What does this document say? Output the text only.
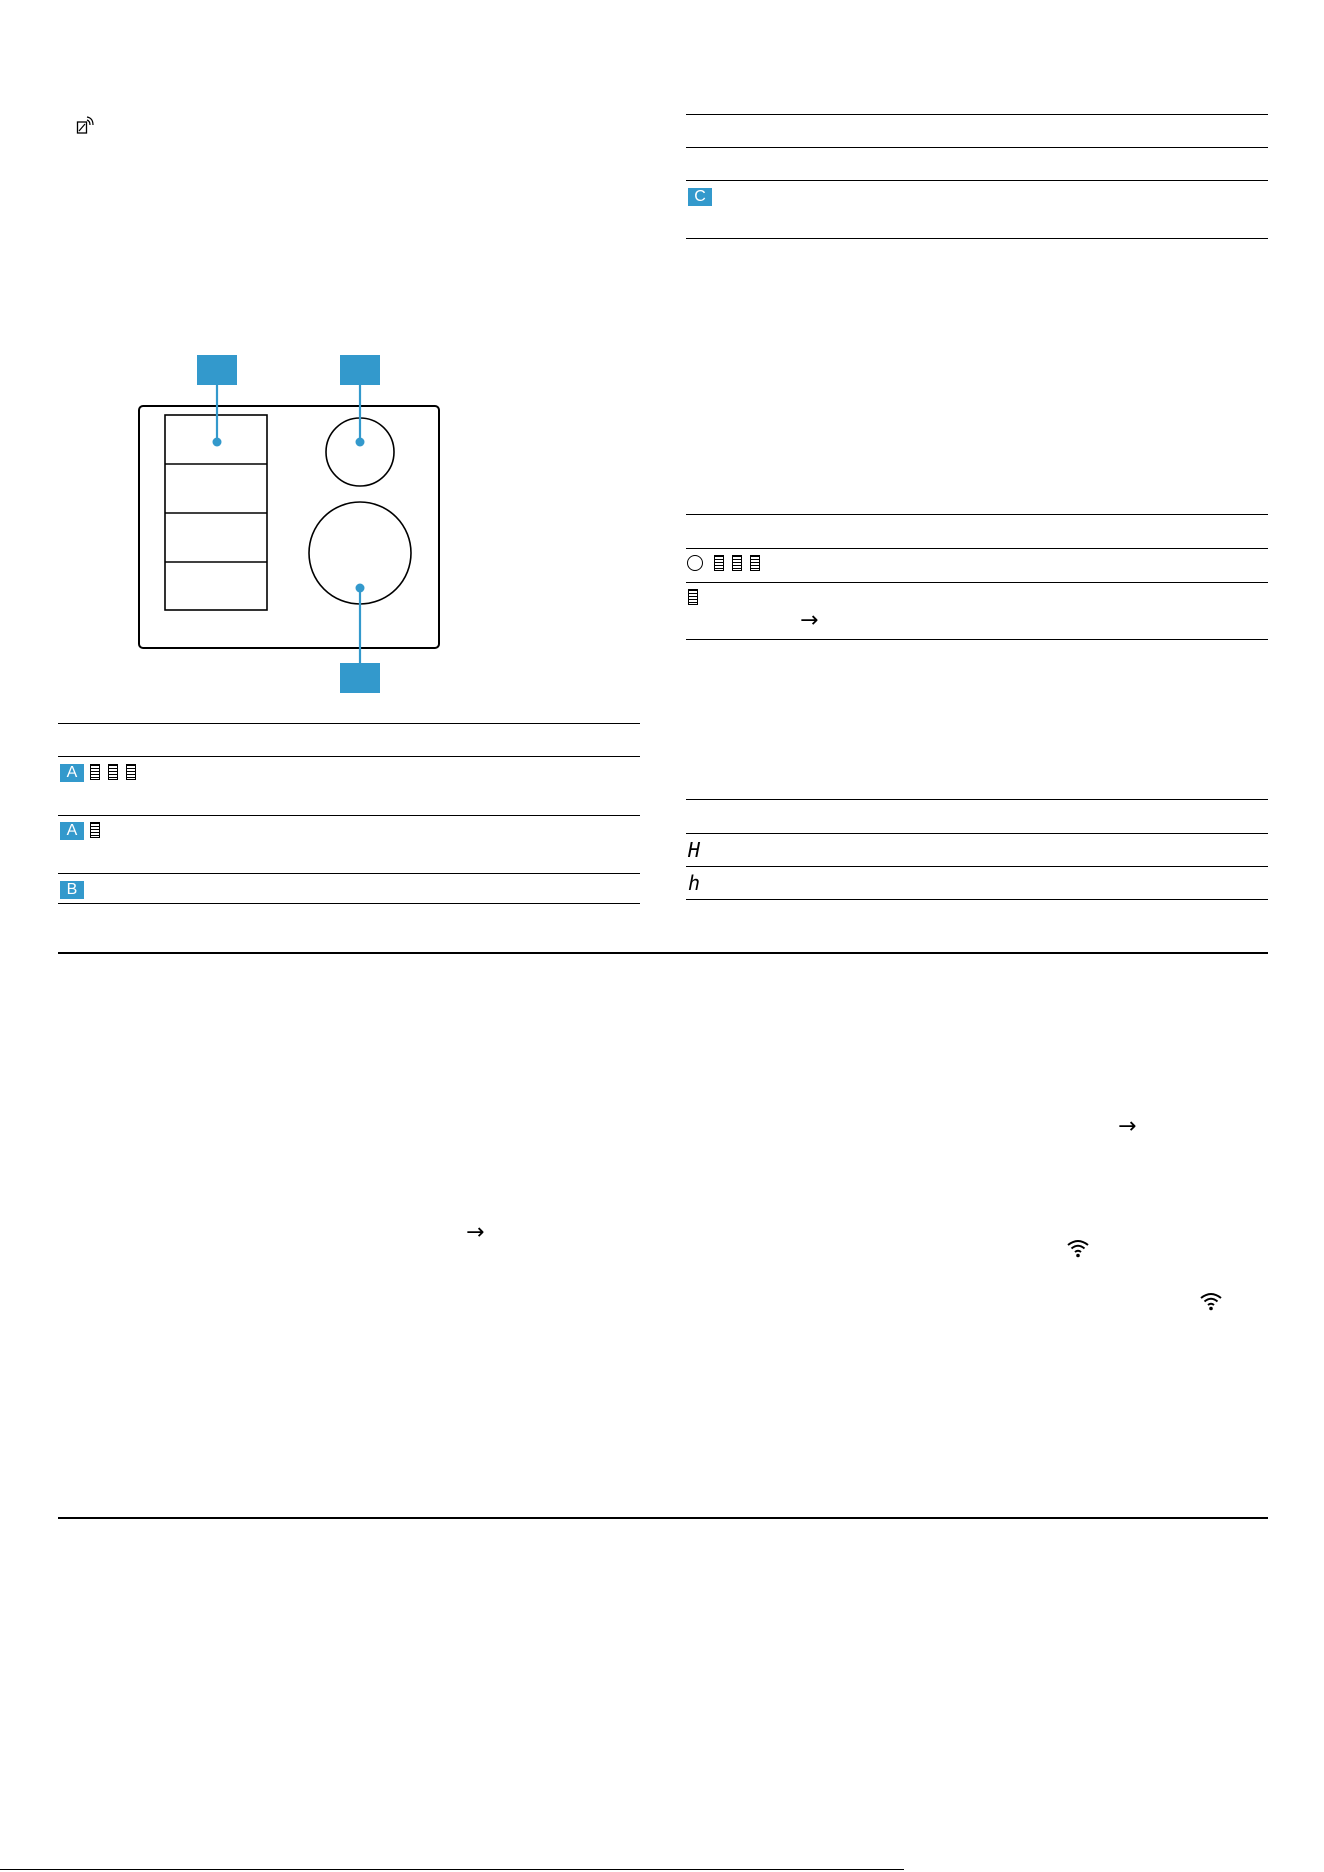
A
A
B
C
→
H
h
→
→
